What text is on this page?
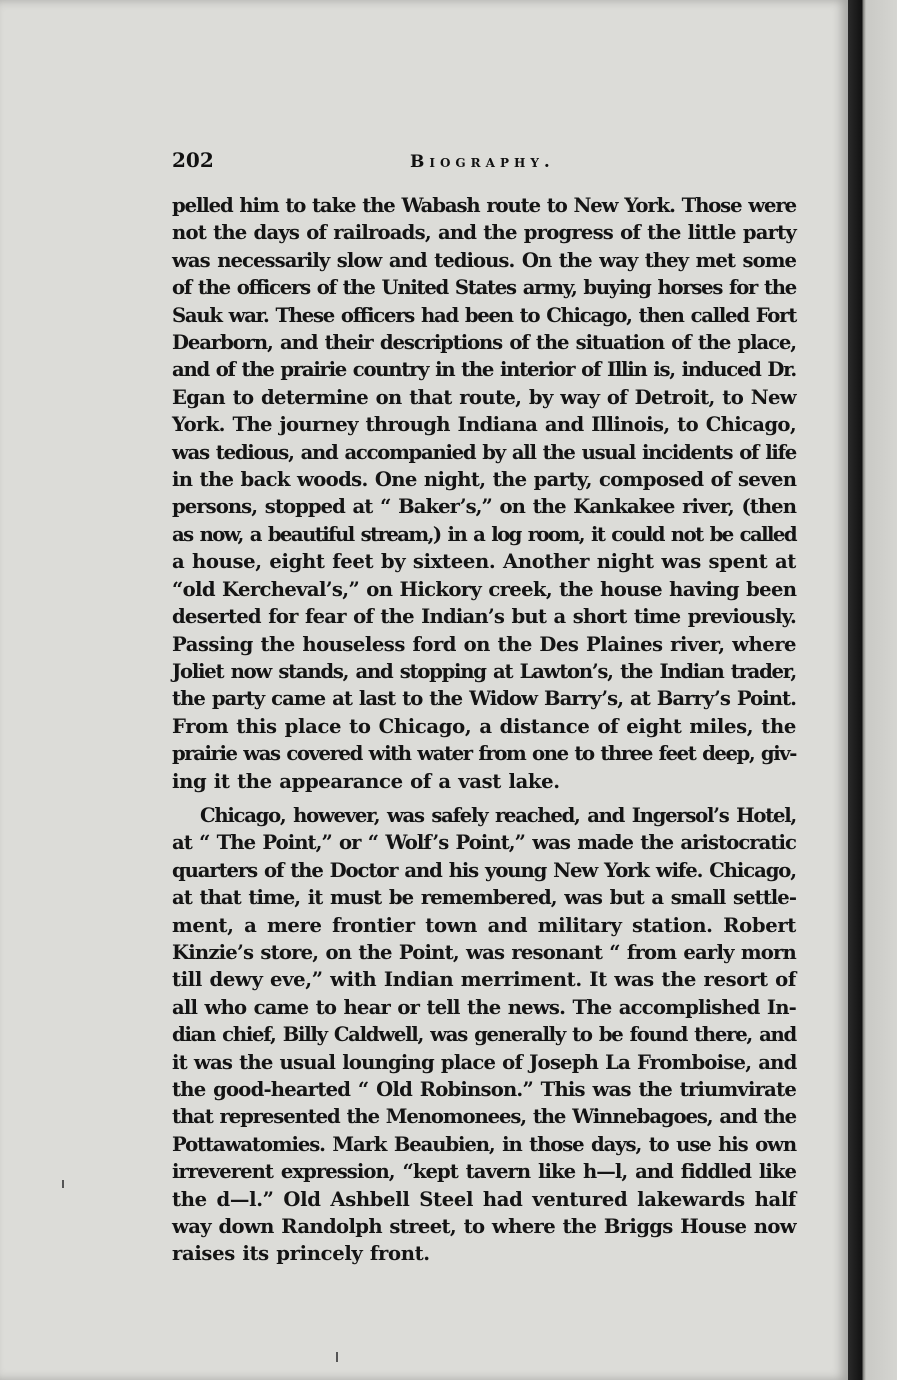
202	Biography.

pelled him to take the Wabash route to New York. Those were
not the days of railroads, and the progress of the little party
was necessarily slow and tedious. On the way they met some
of the officers of the United States army, buying horses for the
Sauk war. These officers had been to Chicago, then called Fort
Dearborn, and their descriptions of the situation of the place,
and of the prairie country in the interior of Illin is, induced Dr.
Egan to determine on that route, by way of Detroit, to New
York. The journey through Indiana and Illinois, to Chicago,
was tedious, and accompanied by all the usual incidents of life
in the back woods. One night, the party, composed of seven
persons, stopped at “ Baker’s,” on the Kankakee river, (then
as now, a beautiful stream,) in a log room, it could not be called
a house, eight feet by sixteen. Another night was spent at
“old Kercheval’s,” on Hickory creek, the house having been
deserted for fear of the Indian’s but a short time previously.
Passing the houseless ford on the Des Plaines river, where
Joliet now stands, and stopping at Lawton’s, the Indian trader,
the party came at last to the Widow Barry’s, at Barry’s Point.
From this place to Chicago, a distance of eight miles, the
prairie was covered with water from one to three feet deep, giv-
ing it the appearance of a vast lake.

Chicago, however, was safely reached, and Ingersol’s Hotel,
at “ The Point,” or “ Wolf’s Point,” was made the aristocratic
quarters of the Doctor and his young New York wife. Chicago,
at that time, it must be remembered, was but a small settle-
ment, a mere frontier town and military station. Robert
Kinzie’s store, on the Point, was resonant “ from early morn
till dewy eve,” with Indian merriment. It was the resort of
all who came to hear or tell the news. The accomplished In-
dian chief, Billy Caldwell, was generally to be found there, and
it was the usual lounging place of Joseph La Fromboise, and
the good-hearted “ Old Robinson.” This was the triumvirate
that represented the Menomonees, the Winnebagoes, and the
Pottawatomies. Mark Beaubien, in those days, to use his own
irreverent expression, “kept tavern like h—l, and fiddled like
the d—l.” Old Ashbell Steel had ventured lakewards half
way down Randolph street, to where the Briggs House now
raises its princely front.
